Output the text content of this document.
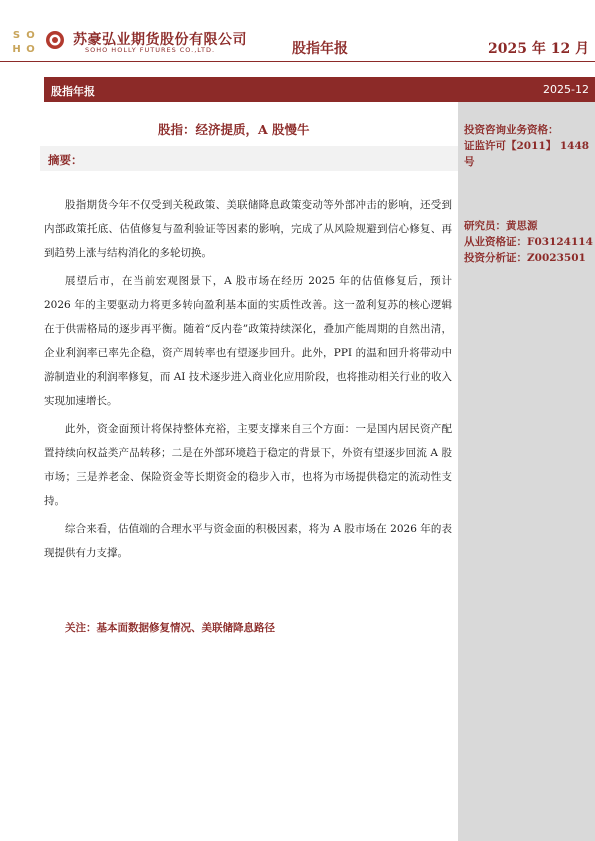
S O
H O
苏豪弘业期货股份有限公司
SOHO HOLLY FUTURES CO.,LTD.	股指年报	2025 年 12 月
股指年报	2025-12
投资咨询业务资格：
证监许可【2011】 1448
号
研究员：黄思源
从业资格证：F03124114
投资分析证：Z0023501
股指：经济提质，A 股慢牛
摘要：

股指期货今年不仅受到关税政策、美联储降息政策变动等外部冲击的影响，还受到内部政策托底、估值修复与盈利验证等因素的影响，完成了从风险规避到信心修复、再到趋势上涨与结构消化的多轮切换。

展望后市，在当前宏观图景下，A 股市场在经历 2025 年的估值修复后，预计 2026 年的主要驱动力将更多转向盈利基本面的实质性改善。这一盈利复苏的核心逻辑在于供需格局的逐步再平衡。随着“反内卷”政策持续深化，叠加产能周期的自然出清，企业利润率已率先企稳，资产周转率也有望逐步回升。此外，PPI 的温和回升将带动中游制造业的利润率修复，而 AI 技术逐步进入商业化应用阶段，也将推动相关行业的收入实现加速增长。

此外，资金面预计将保持整体充裕，主要支撑来自三个方面：一是国内居民资产配置持续向权益类产品转移；二是在外部环境趋于稳定的背景下，外资有望逐步回流 A 股市场；三是养老金、保险资金等长期资金的稳步入市，也将为市场提供稳定的流动性支持。

综合来看，估值端的合理水平与资金面的积极因素，将为 A 股市场在 2026 年的表现提供有力支撑。

关注：基本面数据修复情况、美联储降息路径
